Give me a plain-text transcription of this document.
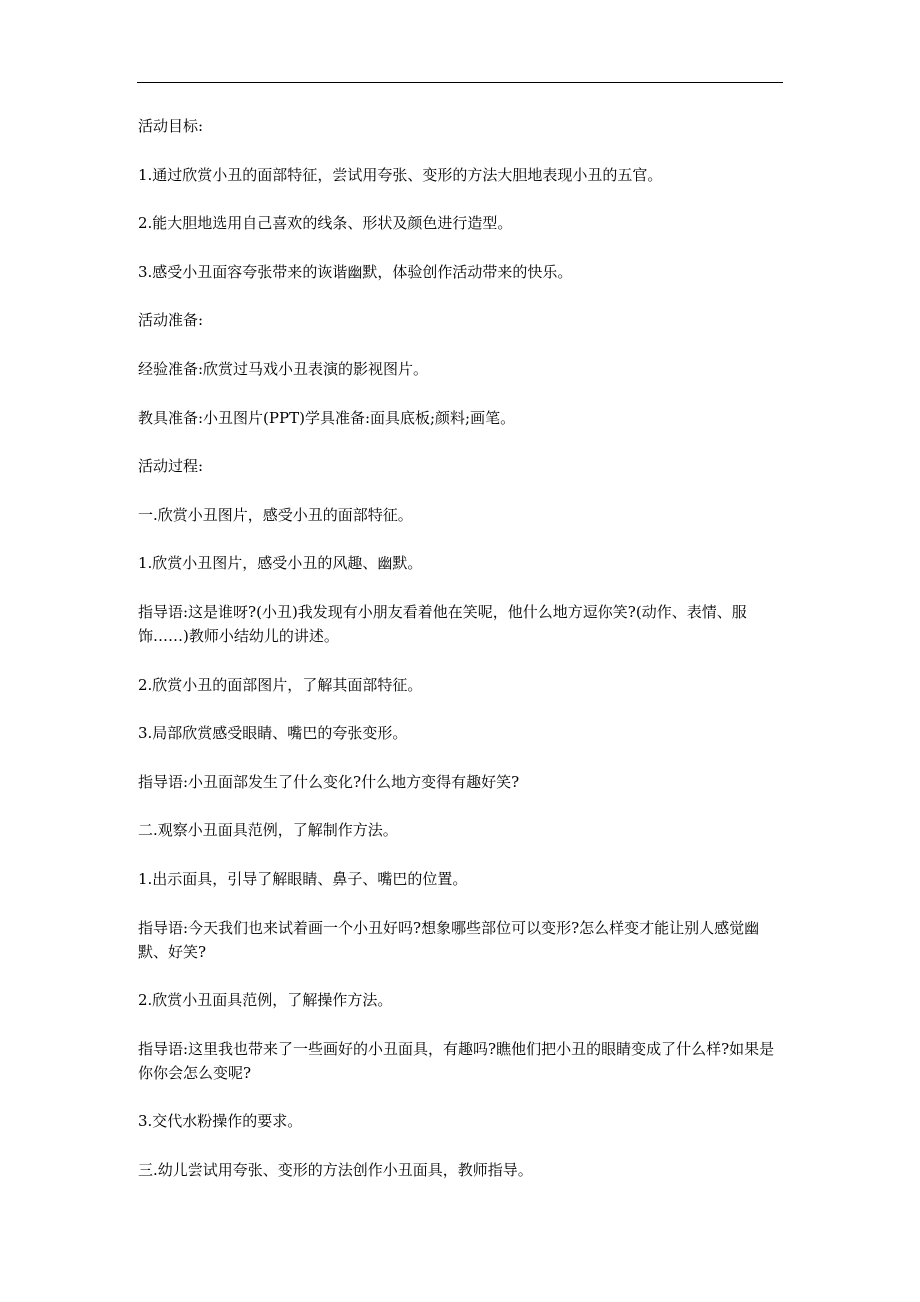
活动目标:

1.通过欣赏小丑的面部特征，尝试用夸张、变形的方法大胆地表现小丑的五官。

2.能大胆地选用自己喜欢的线条、形状及颜色进行造型。

3.感受小丑面容夸张带来的诙谐幽默，体验创作活动带来的快乐。

活动准备:

经验准备:欣赏过马戏小丑表演的影视图片。

教具准备:小丑图片(PPT)学具准备:面具底板;颜料;画笔。

活动过程:

一.欣赏小丑图片，感受小丑的面部特征。

1.欣赏小丑图片，感受小丑的风趣、幽默。

指导语:这是谁呀?(小丑)我发现有小朋友看着他在笑呢，他什么地方逗你笑?(动作、表情、服饰……)教师小结幼儿的讲述。

2.欣赏小丑的面部图片，了解其面部特征。

3.局部欣赏感受眼睛、嘴巴的夸张变形。

指导语:小丑面部发生了什么变化?什么地方变得有趣好笑?

二.观察小丑面具范例，了解制作方法。

1.出示面具，引导了解眼睛、鼻子、嘴巴的位置。

指导语:今天我们也来试着画一个小丑好吗?想象哪些部位可以变形?怎么样变才能让别人感觉幽默、好笑?

2.欣赏小丑面具范例，了解操作方法。

指导语:这里我也带来了一些画好的小丑面具，有趣吗?瞧他们把小丑的眼睛变成了什么样?如果是你你会怎么变呢?

3.交代水粉操作的要求。

三.幼儿尝试用夸张、变形的方法创作小丑面具，教师指导。
